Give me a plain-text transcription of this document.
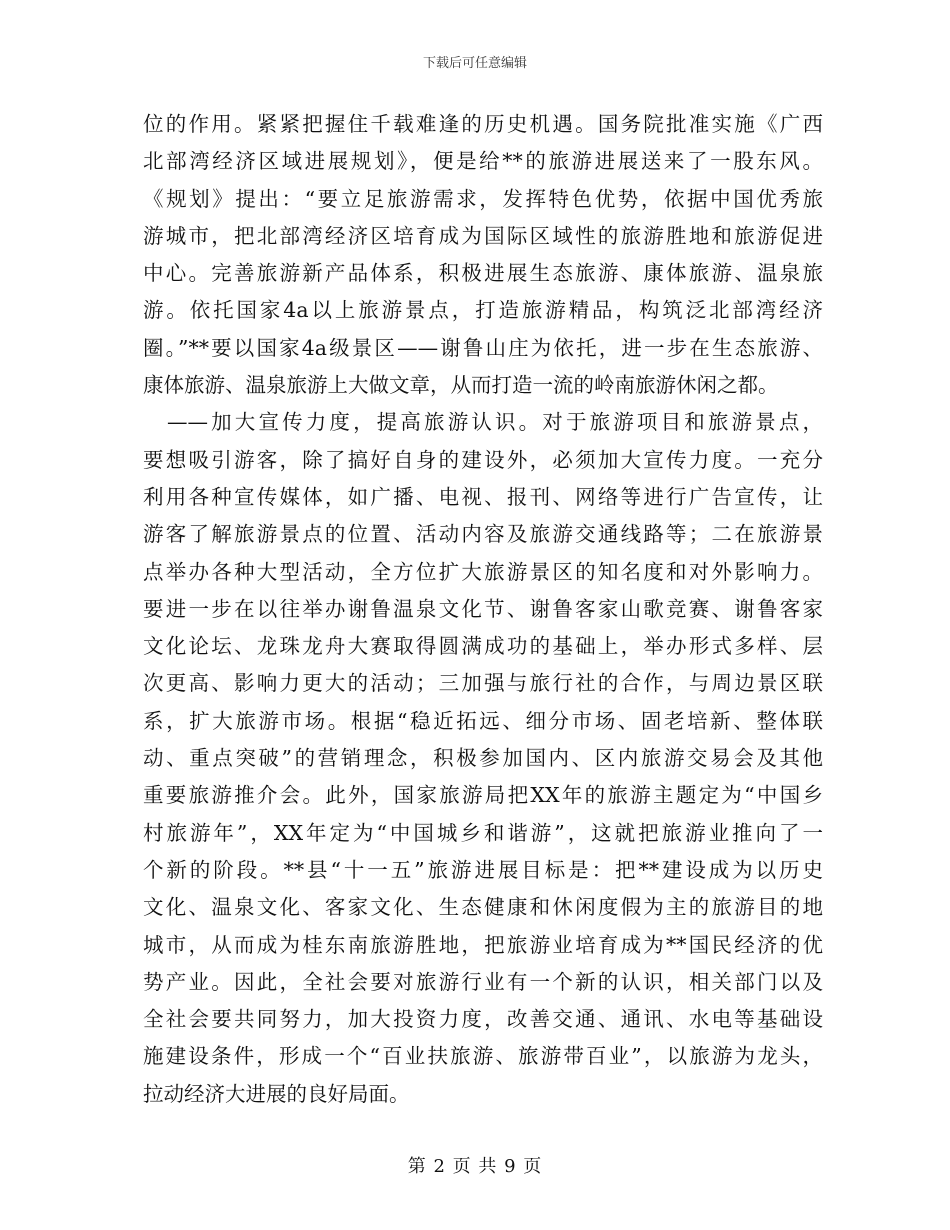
下载后可任意编辑
位的作用。紧紧把握住千载难逢的历史机遇。国务院批准实施《广西
北部湾经济区域进展规划》，便是给**的旅游进展送来了一股东风。
《规划》提出：“要立足旅游需求，发挥特色优势，依据中国优秀旅
游城市，把北部湾经济区培育成为国际区域性的旅游胜地和旅游促进
中心。完善旅游新产品体系，积极进展生态旅游、康体旅游、温泉旅
游。依托国家4a以上旅游景点，打造旅游精品，构筑泛北部湾经济
圈。”**要以国家4a级景区——谢鲁山庄为依托，进一步在生态旅游、
康体旅游、温泉旅游上大做文章，从而打造一流的岭南旅游休闲之都。
——加大宣传力度，提高旅游认识。对于旅游项目和旅游景点，
要想吸引游客，除了搞好自身的建设外，必须加大宣传力度。一充分
利用各种宣传媒体，如广播、电视、报刊、网络等进行广告宣传，让
游客了解旅游景点的位置、活动内容及旅游交通线路等；二在旅游景
点举办各种大型活动，全方位扩大旅游景区的知名度和对外影响力。
要进一步在以往举办谢鲁温泉文化节、谢鲁客家山歌竞赛、谢鲁客家
文化论坛、龙珠龙舟大赛取得圆满成功的基础上，举办形式多样、层
次更高、影响力更大的活动；三加强与旅行社的合作，与周边景区联
系，扩大旅游市场。根据“稳近拓远、细分市场、固老培新、整体联
动、重点突破”的营销理念，积极参加国内、区内旅游交易会及其他
重要旅游推介会。此外，国家旅游局把XX年的旅游主题定为“中国乡
村旅游年”，XX年定为“中国城乡和谐游”，这就把旅游业推向了一
个新的阶段。**县“十一五”旅游进展目标是：把**建设成为以历史
文化、温泉文化、客家文化、生态健康和休闲度假为主的旅游目的地
城市，从而成为桂东南旅游胜地，把旅游业培育成为**国民经济的优
势产业。因此，全社会要对旅游行业有一个新的认识，相关部门以及
全社会要共同努力，加大投资力度，改善交通、通讯、水电等基础设
施建设条件，形成一个“百业扶旅游、旅游带百业”，以旅游为龙头，
拉动经济大进展的良好局面。
第 2 页 共 9 页
